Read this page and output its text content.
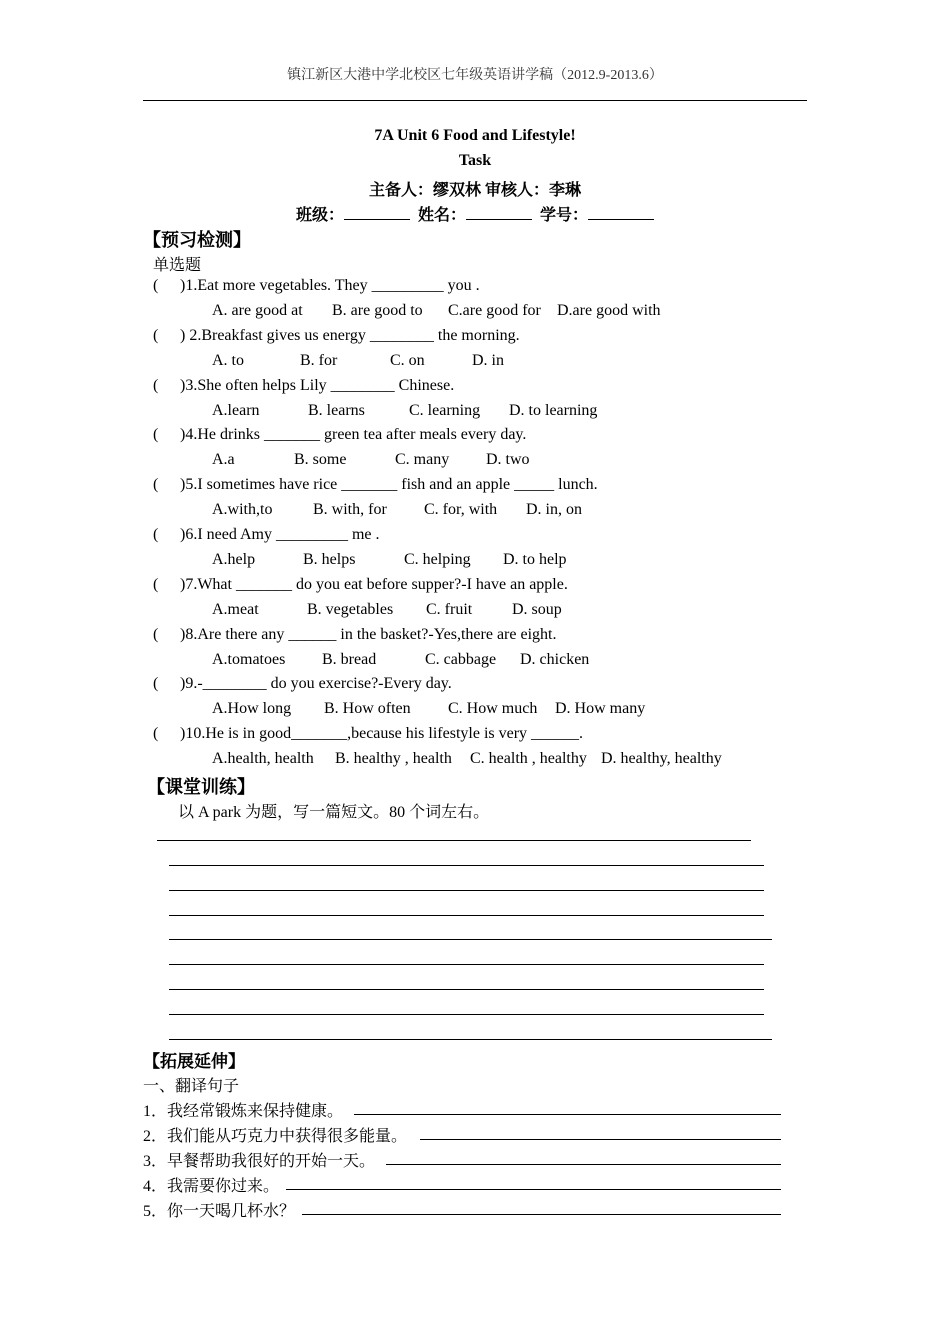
镇江新区大港中学北校区七年级英语讲学稿（2012.9-2013.6）
7A Unit 6 Food and Lifestyle!
Task
主备人：缪双林 审核人：李琳
班级：	姓名：	学号：
【预习检测】
单选题
( )1.Eat more vegetables. They _________ you .
A. are good at B. are good to C.are good for D.are good with
( ) 2.Breakfast gives us energy ________ the morning.
A. to	B. for	C. on	D. in
( )3.She often helps Lily ________ Chinese.
A.learn	B. learns	C. learning D. to learning
( )4.He drinks _______ green tea after meals every day.
A.a	B. some	C. many D. two
( )5.I sometimes have rice _______ fish and an apple _____ lunch.
A.with,to	B. with, for C. for, with D. in, on
( )6.I need Amy _________ me .
A.help	B. helps	C. helping D. to help
( )7.What _______ do you eat before supper?-I have an apple.
A.meat	B. vegetables C. fruit D. soup
( )8.Are there any ______ in the basket?-Yes,there are eight.
A.tomatoes B. bread	C. cabbage D. chicken
( )9.-________ do you exercise?-Every day.
A.How long B. How often C. How much D. How many
( )10.He is in good_______,because his lifestyle is very ______.
A.health, health B. healthy , health C. health , healthy D. healthy, healthy
【课堂训练】
以 A park 为题，写一篇短文。80 个词左右。
【拓展延伸】
一、翻译句子
1．我经常锻炼来保持健康。
2．我们能从巧克力中获得很多能量。
3．早餐帮助我很好的开始一天。
4．我需要你过来。
5．你一天喝几杯水？
